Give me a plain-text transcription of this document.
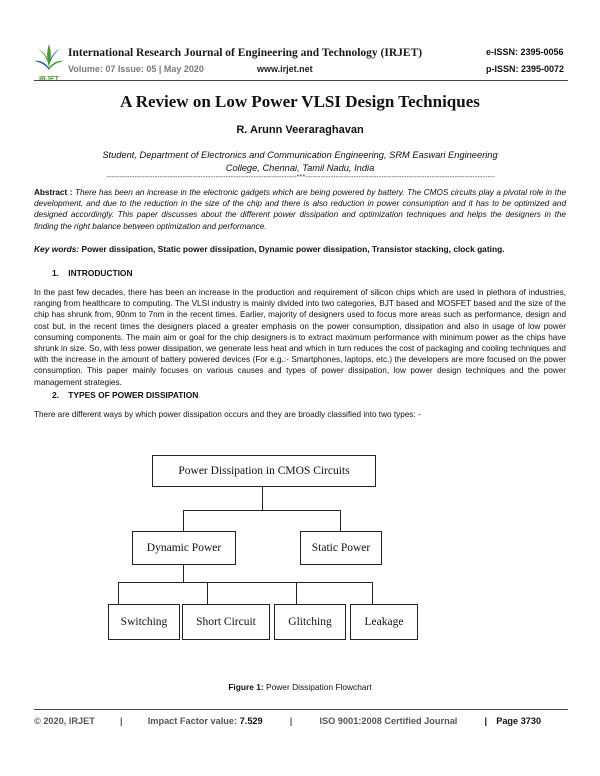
IRJET
International Research Journal of Engineering and Technology (IRJET)
Volume: 07 Issue: 05 | May 2020	www.irjet.net
e-ISSN: 2395-0056
p-ISSN: 2395-0072
A Review on Low Power VLSI Design Techniques
R. Arunn Veeraraghavan
Student, Department of Electronics and Communication Engineering, SRM Easwari Engineering
College, Chennai, Tamil Nadu, India
---------------------------------------------------------------------------***---------------------------------------------------------------------------
Abstract : There has been an increase in the electronic gadgets which are being powered by battery. The CMOS circuits play a pivotal role in the development, and due to the reduction in the size of the chip and there is also reduction in power consumption and it has to be optimized and designed accordingly. This paper discusses about the different power dissipation and optimization techniques and helps the designers in the finding the right balance between optimization and performance.
Key words: Power dissipation, Static power dissipation, Dynamic power dissipation, Transistor stacking, clock gating.
1.    INTRODUCTION
In the past few decades, there has been an increase in the production and requirement of silicon chips which are used in plethora of industries, ranging from healthcare to computing. The VLSI industry is mainly divided into two categories, BJT based and MOSFET based and the size of the chip has shrunk from, 90nm to 7nm in the recent times. Earlier, majority of designers used to focus more areas such as performance, design and cost but, in the recent times the designers placed a greater emphasis on the power consumption, dissipation and also in usage of low power consuming components. The main aim or goal for the chip designers is to extract maximum performance with minimum power as the chips have shrunk in size. So, with less power dissipation, we generate less heat and which in turn reduces the cost of packaging and cooling techniques and with the increase in the amount of battery powered devices (For e.g.:- Smartphones, laptops, etc.) the developers are more focused on the power consumption. This paper mainly focuses on various causes and types of power dissipation, low power design techniques and the power management strategies.
2.    TYPES OF POWER DISSIPATION
There are different ways by which power dissipation occurs and they are broadly classified into two types: -
Power Dissipation in CMOS Circuits
Dynamic Power	Static Power
Switching	Short Circuit	Glitching	Leakage
Figure 1: Power Dissipation Flowchart
© 2020, IRJET	|	Impact Factor value: 7.529	|	ISO 9001:2008 Certified Journal	| Page 3730
